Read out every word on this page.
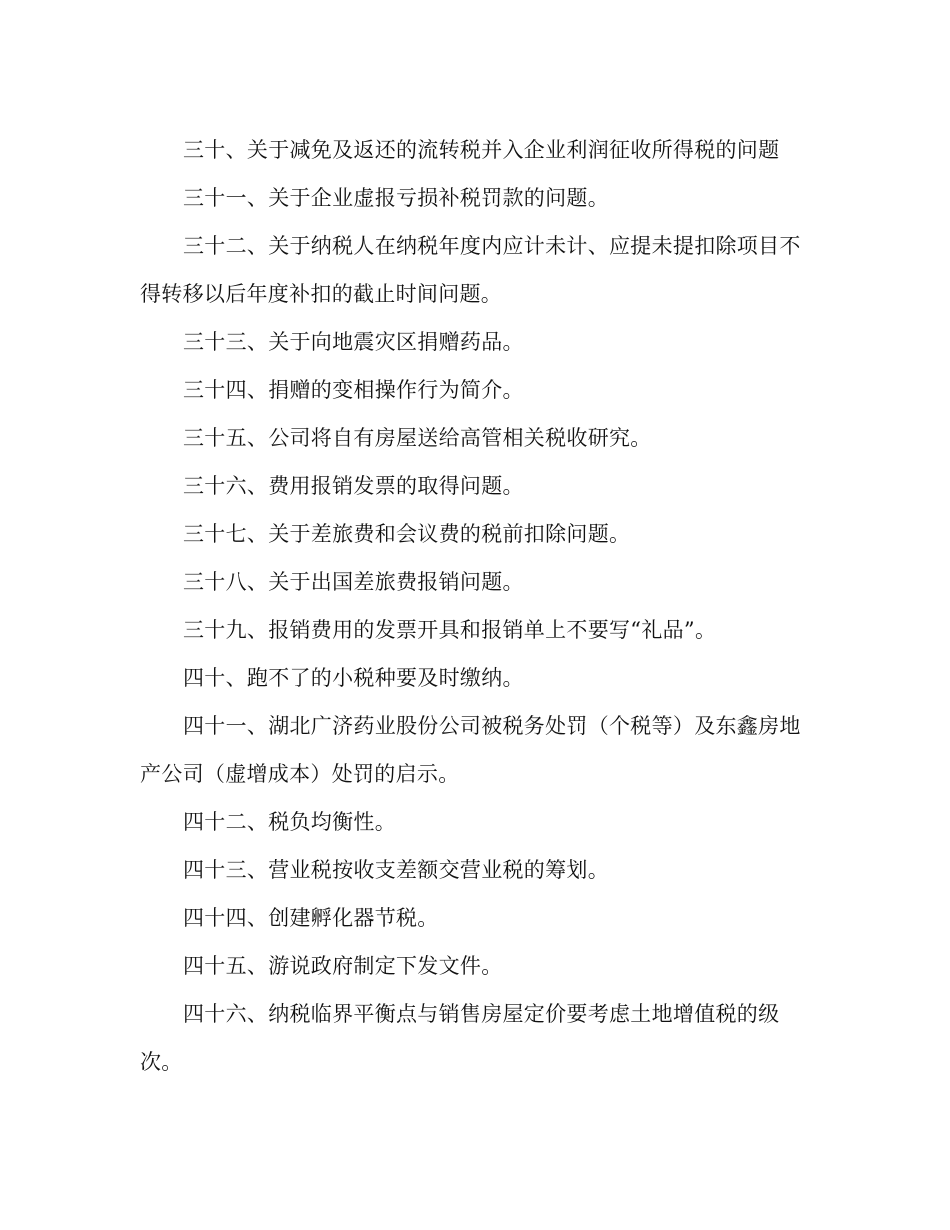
三十、关于减免及返还的流转税并入企业利润征收所得税的问题

三十一、关于企业虚报亏损补税罚款的问题。

三十二、关于纳税人在纳税年度内应计未计、应提未提扣除项目不得转移以后年度补扣的截止时间问题。

三十三、关于向地震灾区捐赠药品。

三十四、捐赠的变相操作行为简介。

三十五、公司将自有房屋送给高管相关税收研究。

三十六、费用报销发票的取得问题。

三十七、关于差旅费和会议费的税前扣除问题。

三十八、关于出国差旅费报销问题。

三十九、报销费用的发票开具和报销单上不要写“礼品”。

四十、跑不了的小税种要及时缴纳。

四十一、湖北广济药业股份公司被税务处罚（个税等）及东鑫房地产公司（虚增成本）处罚的启示。

四十二、税负均衡性。

四十三、营业税按收支差额交营业税的筹划。

四十四、创建孵化器节税。

四十五、游说政府制定下发文件。

四十六、纳税临界平衡点与销售房屋定价要考虑土地增值税的级次。
